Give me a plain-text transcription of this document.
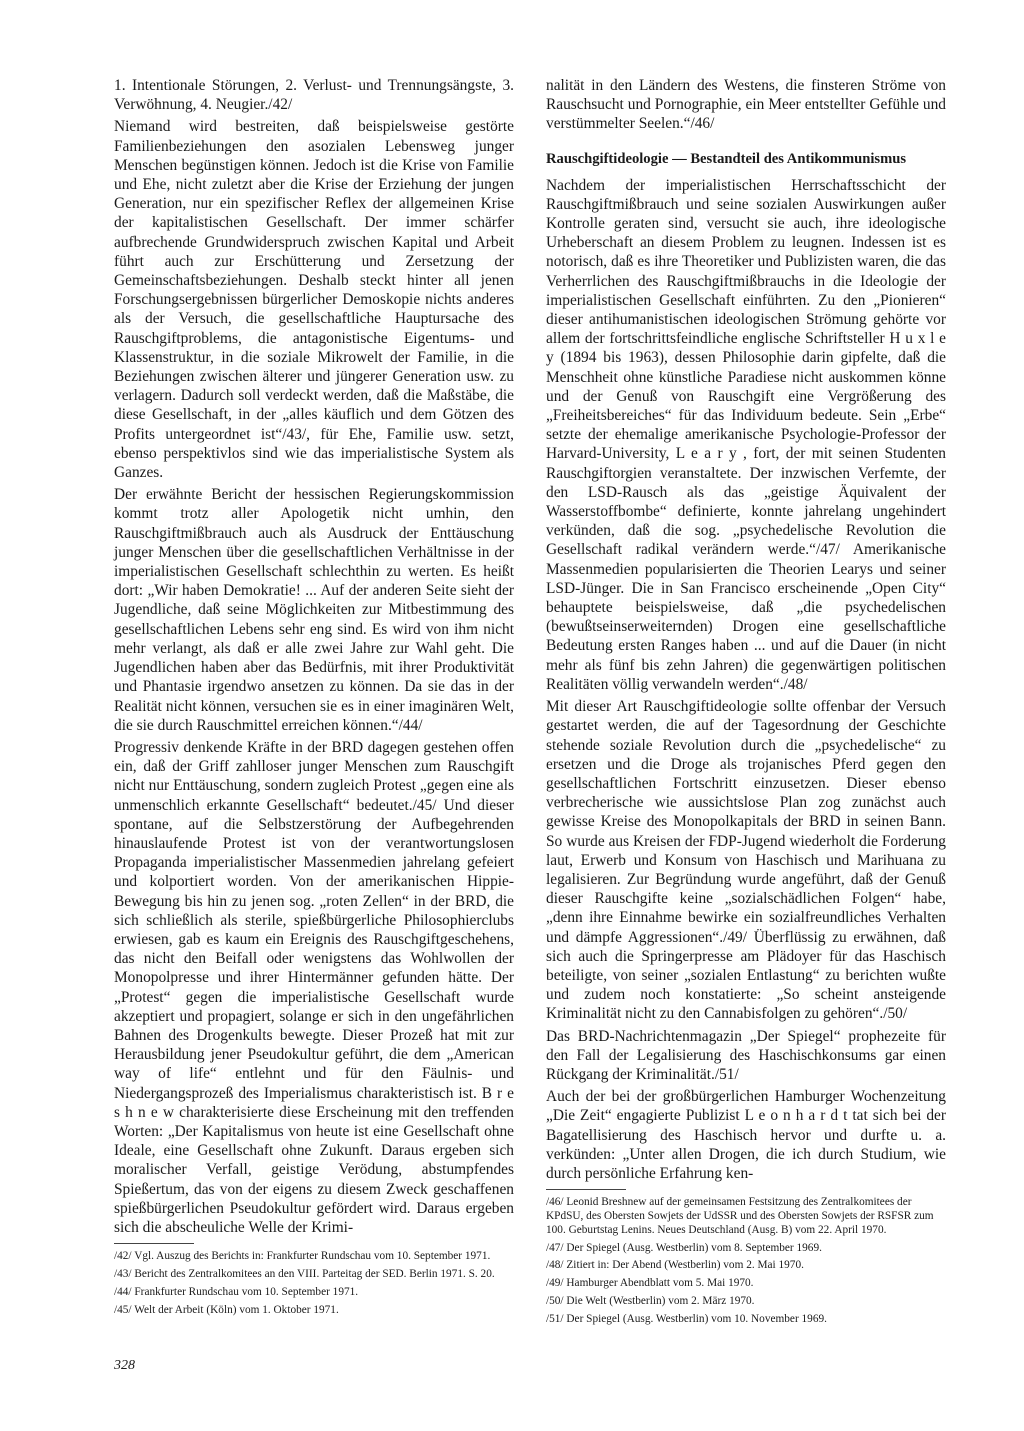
1. Intentionale Störungen, 2. Verlust- und Trennungsängste, 3. Verwöhnung, 4. Neugier./42/

Niemand wird bestreiten, daß beispielsweise gestörte Familienbeziehungen den asozialen Lebensweg junger Menschen begünstigen können. Jedoch ist die Krise von Familie und Ehe, nicht zuletzt aber die Krise der Erziehung der jungen Generation, nur ein spezifischer Reflex der allgemeinen Krise der kapitalistischen Gesellschaft. Der immer schärfer aufbrechende Grundwiderspruch zwischen Kapital und Arbeit führt auch zur Erschütterung und Zersetzung der Gemeinschaftsbeziehungen. Deshalb steckt hinter all jenen Forschungsergebnissen bürgerlicher Demoskopie nichts anderes als der Versuch, die gesellschaftliche Hauptursache des Rauschgiftproblems, die antagonistische Eigentums- und Klassenstruktur, in die soziale Mikrowelt der Familie, in die Beziehungen zwischen älterer und jüngerer Generation usw. zu verlagern. Dadurch soll verdeckt werden, daß die Maßstäbe, die diese Gesellschaft, in der „alles käuflich und dem Götzen des Profits untergeordnet ist“/43/, für Ehe, Familie usw. setzt, ebenso perspektivlos sind wie das imperialistische System als Ganzes.

Der erwähnte Bericht der hessischen Regierungskommission kommt trotz aller Apologetik nicht umhin, den Rauschgiftmißbrauch auch als Ausdruck der Enttäuschung junger Menschen über die gesellschaftlichen Verhältnisse in der imperialistischen Gesellschaft schlechthin zu werten. Es heißt dort: „Wir haben Demokratie! ... Auf der anderen Seite sieht der Jugendliche, daß seine Möglichkeiten zur Mitbestimmung des gesellschaftlichen Lebens sehr eng sind. Es wird von ihm nicht mehr verlangt, als daß er alle zwei Jahre zur Wahl geht. Die Jugendlichen haben aber das Bedürfnis, mit ihrer Produktivität und Phantasie irgendwo ansetzen zu können. Da sie das in der Realität nicht können, versuchen sie es in einer imaginären Welt, die sie durch Rauschmittel erreichen können.“/44/

Progressiv denkende Kräfte in der BRD dagegen gestehen offen ein, daß der Griff zahlloser junger Menschen zum Rauschgift nicht nur Enttäuschung, sondern zugleich Protest „gegen eine als unmenschlich erkannte Gesellschaft“ bedeutet./45/ Und dieser spontane, auf die Selbstzerstörung der Aufbegehrenden hinauslaufende Protest ist von der verantwortungslosen Propaganda imperialistischer Massenmedien jahrelang gefeiert und kolportiert worden. Von der amerikanischen Hippie-Bewegung bis hin zu jenen sog. „roten Zellen“ in der BRD, die sich schließlich als sterile, spießbürgerliche Philosophierclubs erwiesen, gab es kaum ein Ereignis des Rauschgiftgeschehens, das nicht den Beifall oder wenigstens das Wohlwollen der Monopolpresse und ihrer Hintermänner gefunden hätte. Der „Protest“ gegen die imperialistische Gesellschaft wurde akzeptiert und propagiert, solange er sich in den ungefährlichen Bahnen des Drogenkults bewegte. Dieser Prozeß hat mit zur Herausbildung jener Pseudokultur geführt, die dem „American way of life“ entlehnt und für den Fäulnis- und Niedergangsprozeß des Imperialismus charakteristisch ist. B r e s h n e w charakterisierte diese Erscheinung mit den treffenden Worten: „Der Kapitalismus von heute ist eine Gesellschaft ohne Ideale, eine Gesellschaft ohne Zukunft. Daraus ergeben sich moralischer Verfall, geistige Verödung, abstumpfendes Spießertum, das von der eigens zu diesem Zweck geschaffenen spießbürgerlichen Pseudokultur gefördert wird. Daraus ergeben sich die abscheuliche Welle der Krimi-

/42/ Vgl. Auszug des Berichts in: Frankfurter Rundschau vom 10. September 1971.
/43/ Bericht des Zentralkomitees an den VIII. Parteitag der SED. Berlin 1971. S. 20.
/44/ Frankfurter Rundschau vom 10. September 1971.
/45/ Welt der Arbeit (Köln) vom 1. Oktober 1971.

nalität in den Ländern des Westens, die finsteren Ströme von Rauschsucht und Pornographie, ein Meer entstellter Gefühle und verstümmelter Seelen.“/46/

Rauschgiftideologie — Bestandteil des Antikommunismus

Nachdem der imperialistischen Herrschaftsschicht der Rauschgiftmißbrauch und seine sozialen Auswirkungen außer Kontrolle geraten sind, versucht sie auch, ihre ideologische Urheberschaft an diesem Problem zu leugnen. Indessen ist es notorisch, daß es ihre Theoretiker und Publizisten waren, die das Verherrlichen des Rauschgiftmißbrauchs in die Ideologie der imperialistischen Gesellschaft einführten. Zu den „Pionieren“ dieser antihumanistischen ideologischen Strömung gehörte vor allem der fortschrittsfeindliche englische Schriftsteller H u x l e y (1894 bis 1963), dessen Philosophie darin gipfelte, daß die Menschheit ohne künstliche Paradiese nicht auskommen könne und der Genuß von Rauschgift eine Vergrößerung des „Freiheitsbereiches“ für das Individuum bedeute. Sein „Erbe“ setzte der ehemalige amerikanische Psychologie-Professor der Harvard-University, L e a r y , fort, der mit seinen Studenten Rauschgiftorgien veranstaltete. Der inzwischen Verfemte, der den LSD-Rausch als das „geistige Äquivalent der Wasserstoffbombe“ definierte, konnte jahrelang ungehindert verkünden, daß die sog. „psychedelische Revolution die Gesellschaft radikal verändern werde.“/47/ Amerikanische Massenmedien popularisierten die Theorien Learys und seiner LSD-Jünger. Die in San Francisco erscheinende „Open City“ behauptete beispielsweise, daß „die psychedelischen (bewußtseinserweiternden) Drogen eine gesellschaftliche Bedeutung ersten Ranges haben ... und auf die Dauer (in nicht mehr als fünf bis zehn Jahren) die gegenwärtigen politischen Realitäten völlig verwandeln werden“./48/

Mit dieser Art Rauschgiftideologie sollte offenbar der Versuch gestartet werden, die auf der Tagesordnung der Geschichte stehende soziale Revolution durch die „psychedelische“ zu ersetzen und die Droge als trojanisches Pferd gegen den gesellschaftlichen Fortschritt einzusetzen. Dieser ebenso verbrecherische wie aussichtslose Plan zog zunächst auch gewisse Kreise des Monopolkapitals der BRD in seinen Bann. So wurde aus Kreisen der FDP-Jugend wiederholt die Forderung laut, Erwerb und Konsum von Haschisch und Marihuana zu legalisieren. Zur Begründung wurde angeführt, daß der Genuß dieser Rauschgifte keine „sozialschädlichen Folgen“ habe, „denn ihre Einnahme bewirke ein sozialfreundliches Verhalten und dämpfe Aggressionen“./49/ Überflüssig zu erwähnen, daß sich auch die Springerpresse am Plädoyer für das Haschisch beteiligte, von seiner „sozialen Entlastung“ zu berichten wußte und zudem noch konstatierte: „So scheint ansteigende Kriminalität nicht zu den Cannabisfolgen zu gehören“./50/

Das BRD-Nachrichtenmagazin „Der Spiegel“ prophezeite für den Fall der Legalisierung des Haschischkonsums gar einen Rückgang der Kriminalität./51/

Auch der bei der großbürgerlichen Hamburger Wochenzeitung „Die Zeit“ engagierte Publizist L e o n h a r d t tat sich bei der Bagatellisierung des Haschisch hervor und durfte u. a. verkünden: „Unter allen Drogen, die ich durch Studium, wie durch persönliche Erfahrung ken-

/46/ Leonid Breshnew auf der gemeinsamen Festsitzung des Zentralkomitees der KPdSU, des Obersten Sowjets der UdSSR und des Obersten Sowjets der RSFSR zum 100. Geburtstag Lenins. Neues Deutschland (Ausg. B) vom 22. April 1970.
/47/ Der Spiegel (Ausg. Westberlin) vom 8. September 1969.
/48/ Zitiert in: Der Abend (Westberlin) vom 2. Mai 1970.
/49/ Hamburger Abendblatt vom 5. Mai 1970.
/50/ Die Welt (Westberlin) vom 2. März 1970.
/51/ Der Spiegel (Ausg. Westberlin) vom 10. November 1969.
328
